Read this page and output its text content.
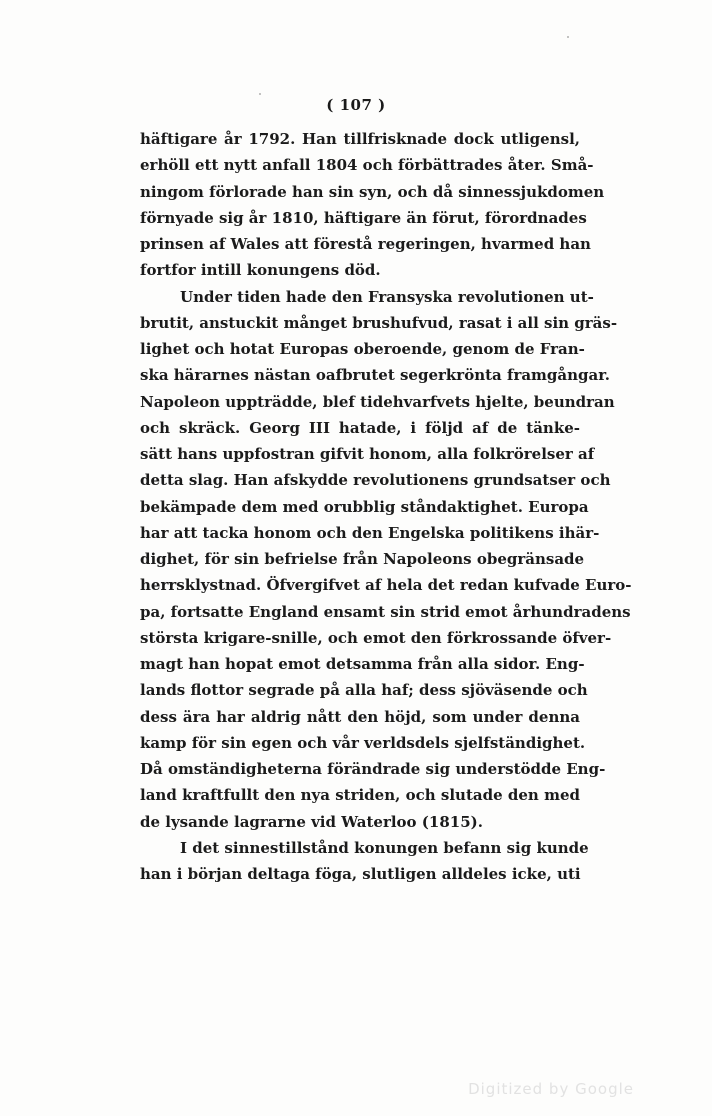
( 107 )
häftigare år 1792. Han tillfrisknade dock utligensl,
erhöll ett nytt anfall 1804 och förbättrades åter. Små-
ningom förlorade han sin syn, och då sinnessjukdomen
förnyade sig år 1810, häftigare än förut, förordnades
prinsen af Wales att förestå regeringen, hvarmed han
fortfor intill konungens död.
Under tiden hade den Fransyska revolutionen ut-
brutit, anstuckit månget brushufvud, rasat i all sin gräs-
lighet och hotat Europas oberoende, genom de Fran-
ska härarnes nästan oafbrutet segerkrönta framgångar.
Napoleon uppträdde, blef tidehvarfvets hjelte, beundran
och skräck. Georg III hatade, i följd af de tänke-
sätt hans uppfostran gifvit honom, alla folkrörelser af
detta slag. Han afskydde revolutionens grundsatser och
bekämpade dem med orubblig ståndaktighet. Europa
har att tacka honom och den Engelska politikens ihär-
dighet, för sin befrielse från Napoleons obegränsade
herrsklystnad. Öfvergifvet af hela det redan kufvade Euro-
pa, fortsatte England ensamt sin strid emot århundradens
största krigare-snille, och emot den förkrossande öfver-
magt han hopat emot detsamma från alla sidor. Eng-
lands flottor segrade på alla haf; dess sjöväsende och
dess ära har aldrig nått den höjd, som under denna
kamp för sin egen och vår verldsdels sjelfständighet.
Då omständigheterna förändrade sig understödde Eng-
land kraftfullt den nya striden, och slutade den med
de lysande lagrarne vid Waterloo (1815).
I det sinnestillstånd konungen befann sig kunde
han i början deltaga föga, slutligen alldeles icke, uti
Digitized by Google
